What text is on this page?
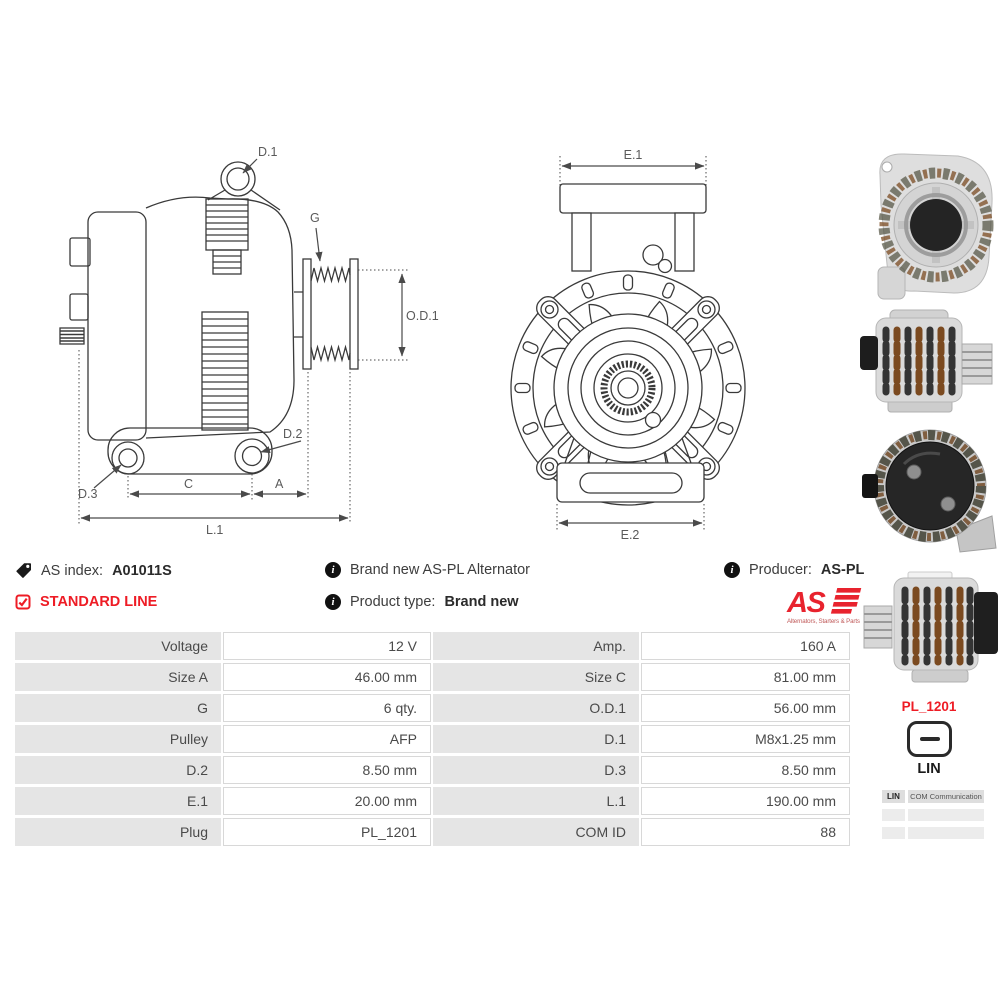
D.1
G
O.D.1
D.2
D.3
C	A
L.1
E.1
E.2
AS index: A01011S
STANDARD LINE
i	Brand new AS-PL Alternator
i	Product type: Brand new
i	Producer: AS-PL
AS
Alternators, Starters & Parts
Voltage	12 V	Amp.	160 A
Size A	46.00 mm	Size C	81.00 mm
G	6 qty.	O.D.1	56.00 mm
Pulley	AFP	D.1	M8x1.25 mm
D.2	8.50 mm	D.3	8.50 mm
E.1	20.00 mm	L.1	190.00 mm
Plug	PL_1201	COM ID	88
PL_1201
LIN
LIN	COM Communication
